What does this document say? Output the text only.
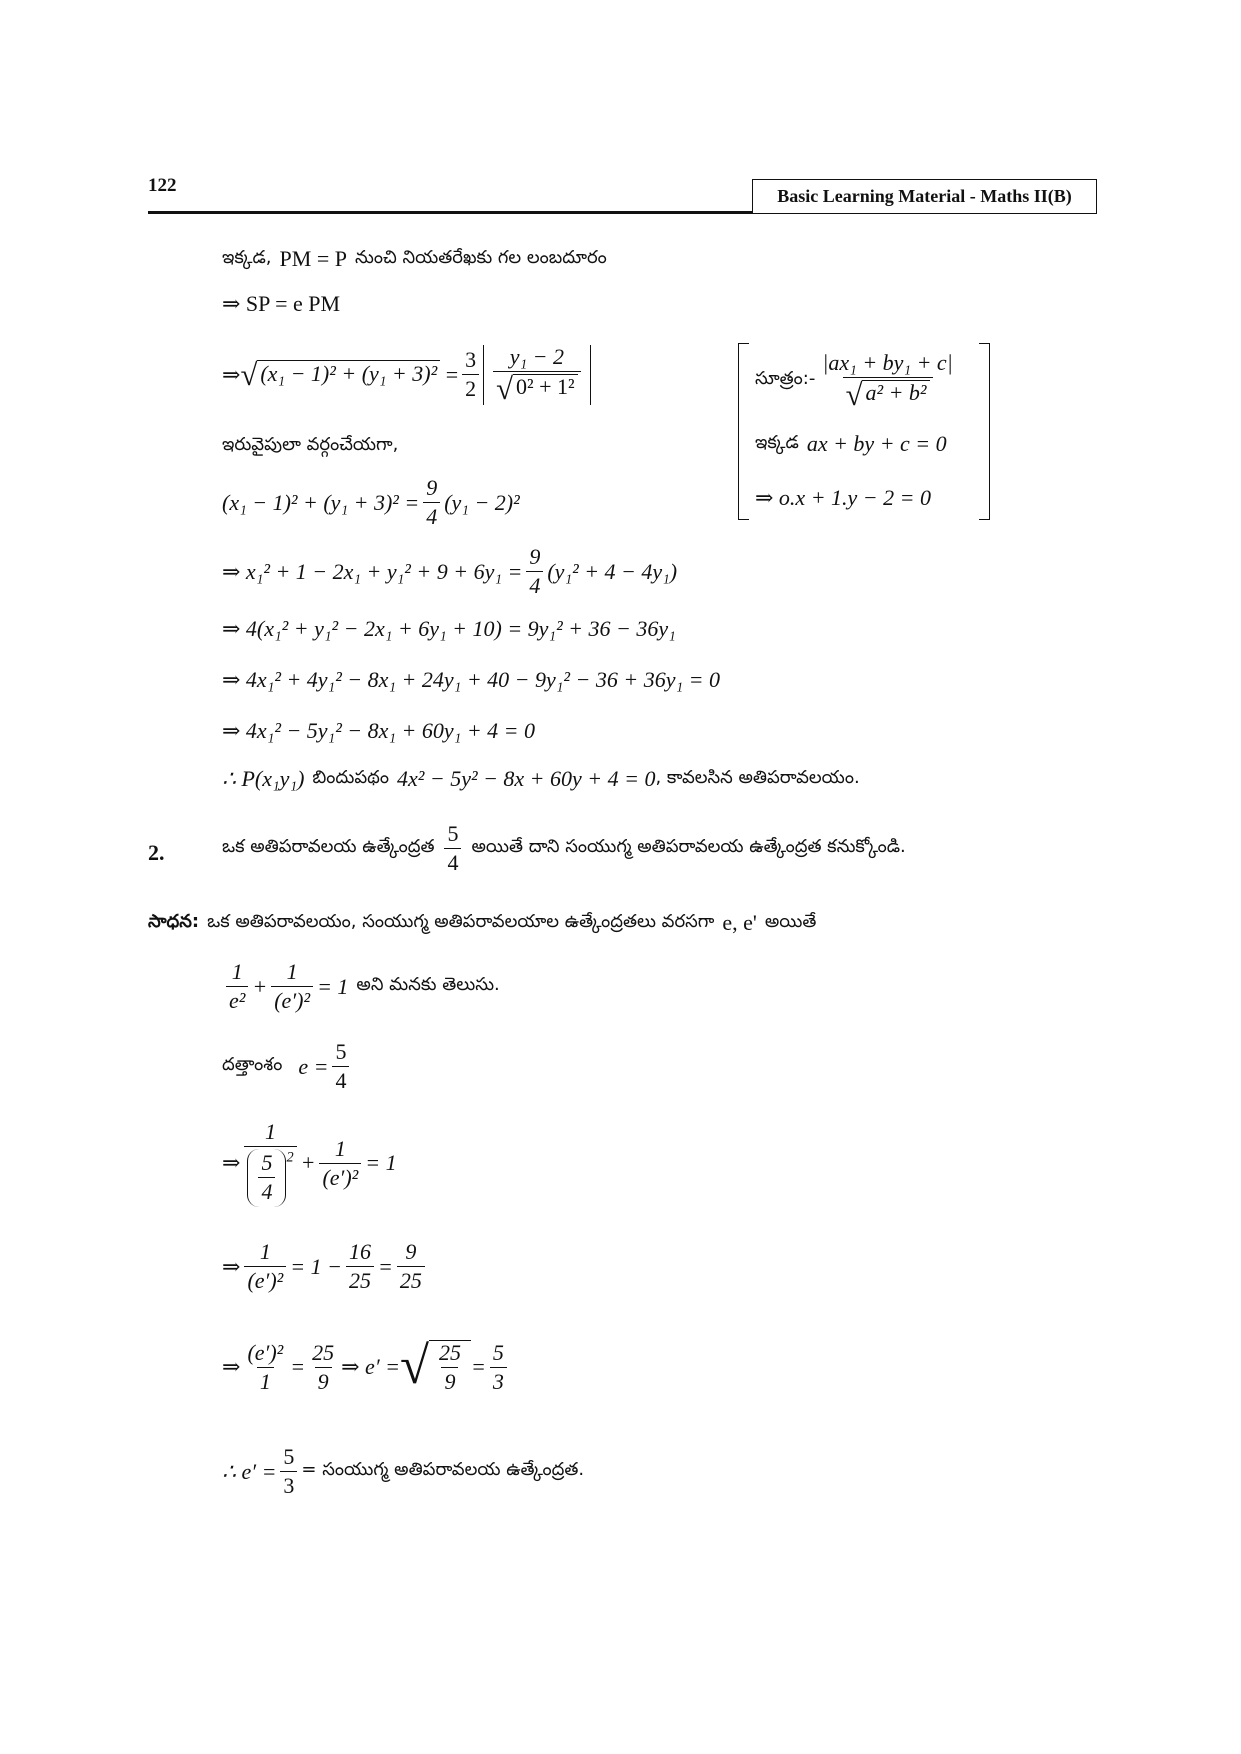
122	Basic Learning Material - Maths II(B)
ఇక్కడ, PM = P నుంచి నియతరేఖకు గల లంబదూరం
⇒ SP = e PM
⇒ √ $(x_1 - 1)^2 + (y_1 + 3)^2 = \frac{3}{2} \frac{\text{y₁ − 2}}{\text{√ 0² + 1²}}$	సూత్రం:- $\frac{\text{|ax₁ + by₁ + c|}}{\text{√ a² + b²}}$
ఇక్కడ ax + by + c = 0
⇒ o.x + 1.y − 2 = 0
ఇరువైపులా వర్గంచేయగా,
$(x_1 - 1)^2 + (y_1 + 3)^2 = \frac{9}{4} (y_1 - 2)^2$
⇒ $x_1^2 + 1 - 2x_1 + y_1^2 + 9 + 6y_1 = \frac{9}{4} (y_1^2 + 4 - 4y_1)$
⇒ 4(x₁² + y₁² − 2x₁ + 6y₁ + 10) = 9y₁² + 36 − 36y₁
⇒ 4x₁² + 4y₁² − 8x₁ + 24y₁ + 40 − 9y₁² − 36 + 36y₁ = 0
⇒ 4x₁² − 5y₁² − 8x₁ + 60y₁ + 4 = 0
∴ P(x₁y₁) బిందుపథం 4x² − 5y² − 8x + 60y + 4 = 0 , కావలసిన అతిపరావలయం.
2.	ఒక అతిపరావలయ ఉత్కేంద్రత $\frac{5}{4}$ అయితే దాని సంయుగ్మ అతిపరావలయ ఉత్కేంద్రత కనుక్కోండి.
సాధన: ఒక అతిపరావలయం, సంయుగ్మ అతిపరావలయాల ఉత్కేంద్రతలు వరసగా e, e' అయితే
$\frac{1}{\text{e²}} + \frac{1}{\text{(e′)²}} = 1$ అని మనకు తెలుసు.
దత్తాంశం $e = \frac{5}{4}$
⇒ $\frac{1}{\frac{5}{4} ^2} + \frac{1}{\text{(e′)²}} = 1$
⇒ $\frac{1}{\text{(e′)²}} = 1 - \frac{16}{25} = \frac{9}{25}$
⇒ $\frac{\text{(e′)²}}{1} = \frac{25}{9}$ ⇒ e′ = √ $\frac{25}{9} = \frac{5}{3}$
∴ $e' = \frac{5}{3}$ = సంయుగ్మ అతిపరావలయ ఉత్కేంద్రత.
